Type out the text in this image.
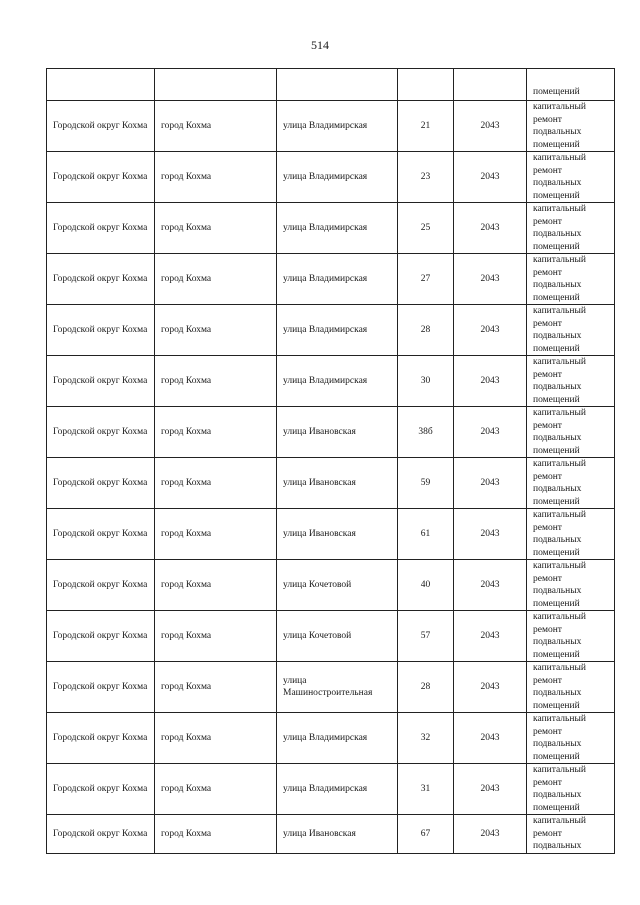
514
					помещений
Городской округ Кохма	город Кохма	улица Владимирская	21	2043	капитальный ремонт подвальных помещений
Городской округ Кохма	город Кохма	улица Владимирская	23	2043	капитальный ремонт подвальных помещений
Городской округ Кохма	город Кохма	улица Владимирская	25	2043	капитальный ремонт подвальных помещений
Городской округ Кохма	город Кохма	улица Владимирская	27	2043	капитальный ремонт подвальных помещений
Городской округ Кохма	город Кохма	улица Владимирская	28	2043	капитальный ремонт подвальных помещений
Городской округ Кохма	город Кохма	улица Владимирская	30	2043	капитальный ремонт подвальных помещений
Городской округ Кохма	город Кохма	улица Ивановская	38б	2043	капитальный ремонт подвальных помещений
Городской округ Кохма	город Кохма	улица Ивановская	59	2043	капитальный ремонт подвальных помещений
Городской округ Кохма	город Кохма	улица Ивановская	61	2043	капитальный ремонт подвальных помещений
Городской округ Кохма	город Кохма	улица Кочетовой	40	2043	капитальный ремонт подвальных помещений
Городской округ Кохма	город Кохма	улица Кочетовой	57	2043	капитальный ремонт подвальных помещений
Городской округ Кохма	город Кохма	улица Машиностроительная	28	2043	капитальный ремонт подвальных помещений
Городской округ Кохма	город Кохма	улица Владимирская	32	2043	капитальный ремонт подвальных помещений
Городской округ Кохма	город Кохма	улица Владимирская	31	2043	капитальный ремонт подвальных помещений
Городской округ Кохма	город Кохма	улица Ивановская	67	2043	капитальный ремонт подвальных
